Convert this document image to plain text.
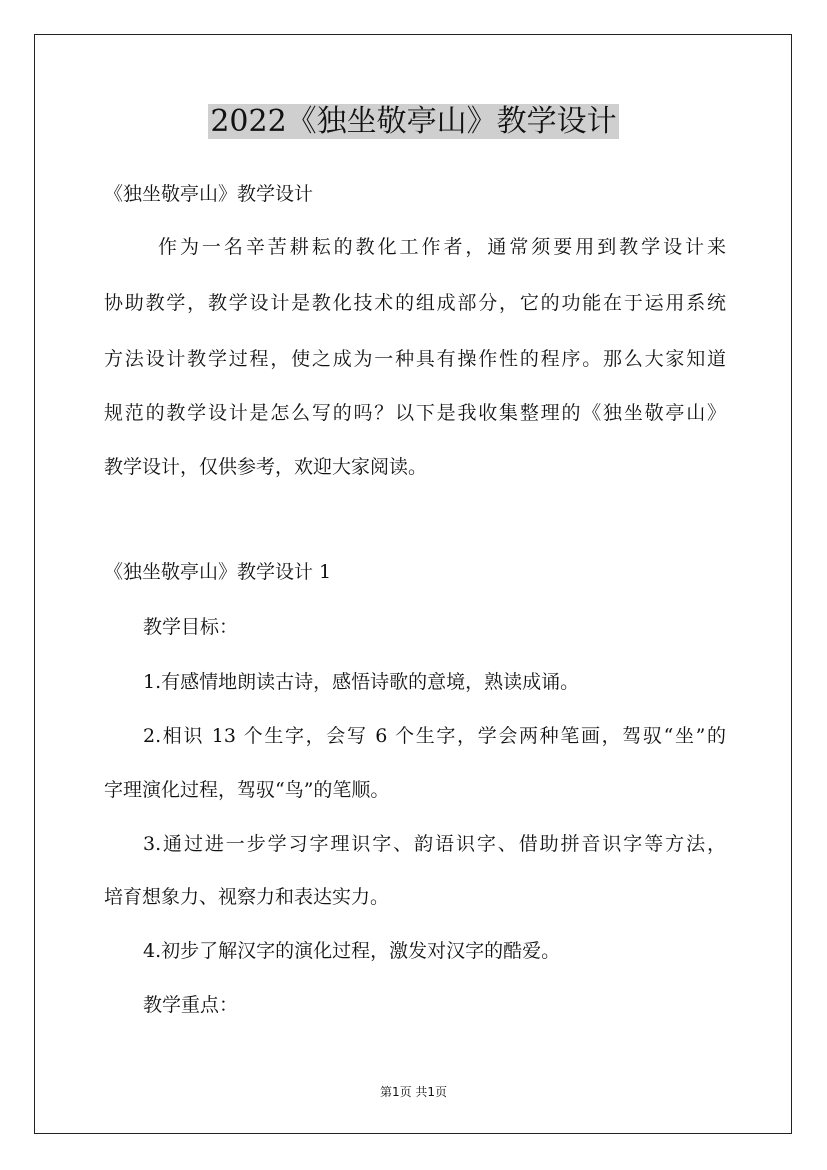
2022《独坐敬亭山》教学设计
《独坐敬亭山》教学设计
作为一名辛苦耕耘的教化工作者，通常须要用到教学设计来
协助教学，教学设计是教化技术的组成部分，它的功能在于运用系统
方法设计教学过程，使之成为一种具有操作性的程序。那么大家知道
规范的教学设计是怎么写的吗？以下是我收集整理的《独坐敬亭山》
教学设计，仅供参考，欢迎大家阅读。
《独坐敬亭山》教学设计 1
教学目标：
1.有感情地朗读古诗，感悟诗歌的意境，熟读成诵。
2.相识 13 个生字，会写 6 个生字，学会两种笔画，驾驭“坐”的
字理演化过程，驾驭“鸟”的笔顺。
3.通过进一步学习字理识字、韵语识字、借助拼音识字等方法，
培育想象力、视察力和表达实力。
4.初步了解汉字的演化过程，激发对汉字的酷爱。
教学重点：
第1页 共1页
